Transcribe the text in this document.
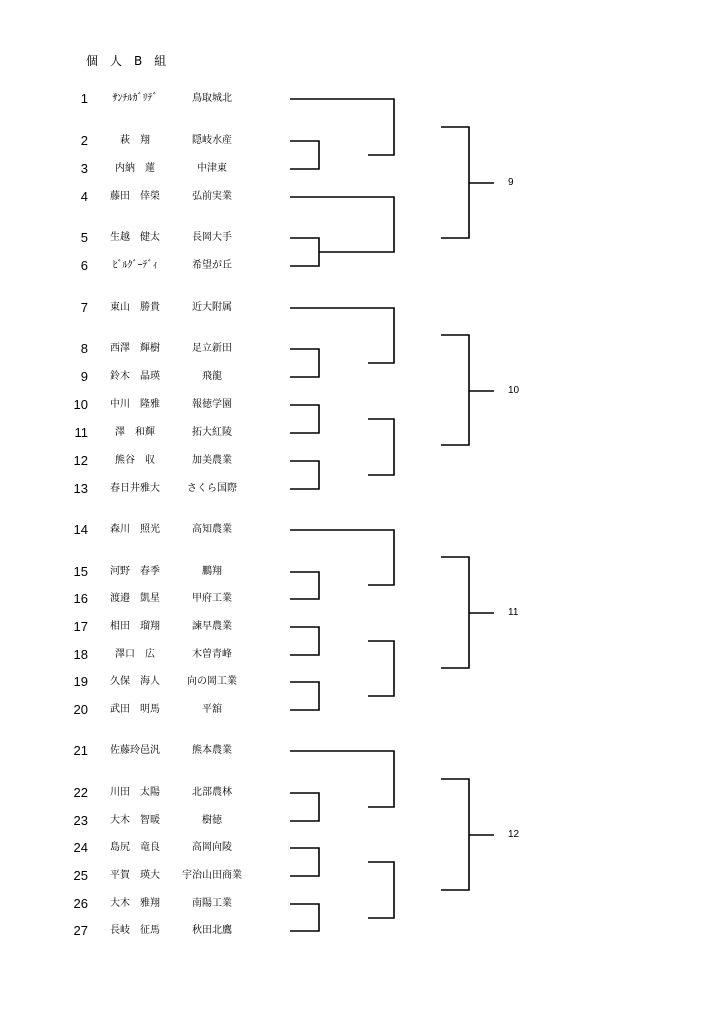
個　人　B　組
1	ｻﾝﾁﾙｶﾞﾘﾃﾞ	鳥取城北
2	萩　翔	隠岐水産
3	内納　蓮	中津東
4	藤田　倖榮	弘前実業
5	生越　健太	長岡大手
6	ﾋﾞﾙｸﾞｰﾃﾞｨ	希望が丘
7	東山　勝貴	近大附属
8	西澤　輝樹	足立新田
9	鈴木　晶瑛	飛龍
10	中川　隆雅	報徳学園
11	澤　和輝	拓大紅陵
12	熊谷　収	加美農業
13	春日井雅大	さくら国際
14	森川　照光	高知農業
15	河野　春季	鵬翔
16	渡邉　凱星	甲府工業
17	相田　瑠翔	諫早農業
18	澤口　広	木曽青峰
19	久保　海人	向の岡工業
20	武田　明馬	平舘
21	佐藤玲邑汎	熊本農業
22	川田　太陽	北部農林
23	大木　智暖	樹徳
24	島尻　竜良	高岡向陵
25	平賀　瑛大	宇治山田商業
26	大木　雅翔	南陽工業
27	長岐　征馬	秋田北鷹
9
10
11
12
